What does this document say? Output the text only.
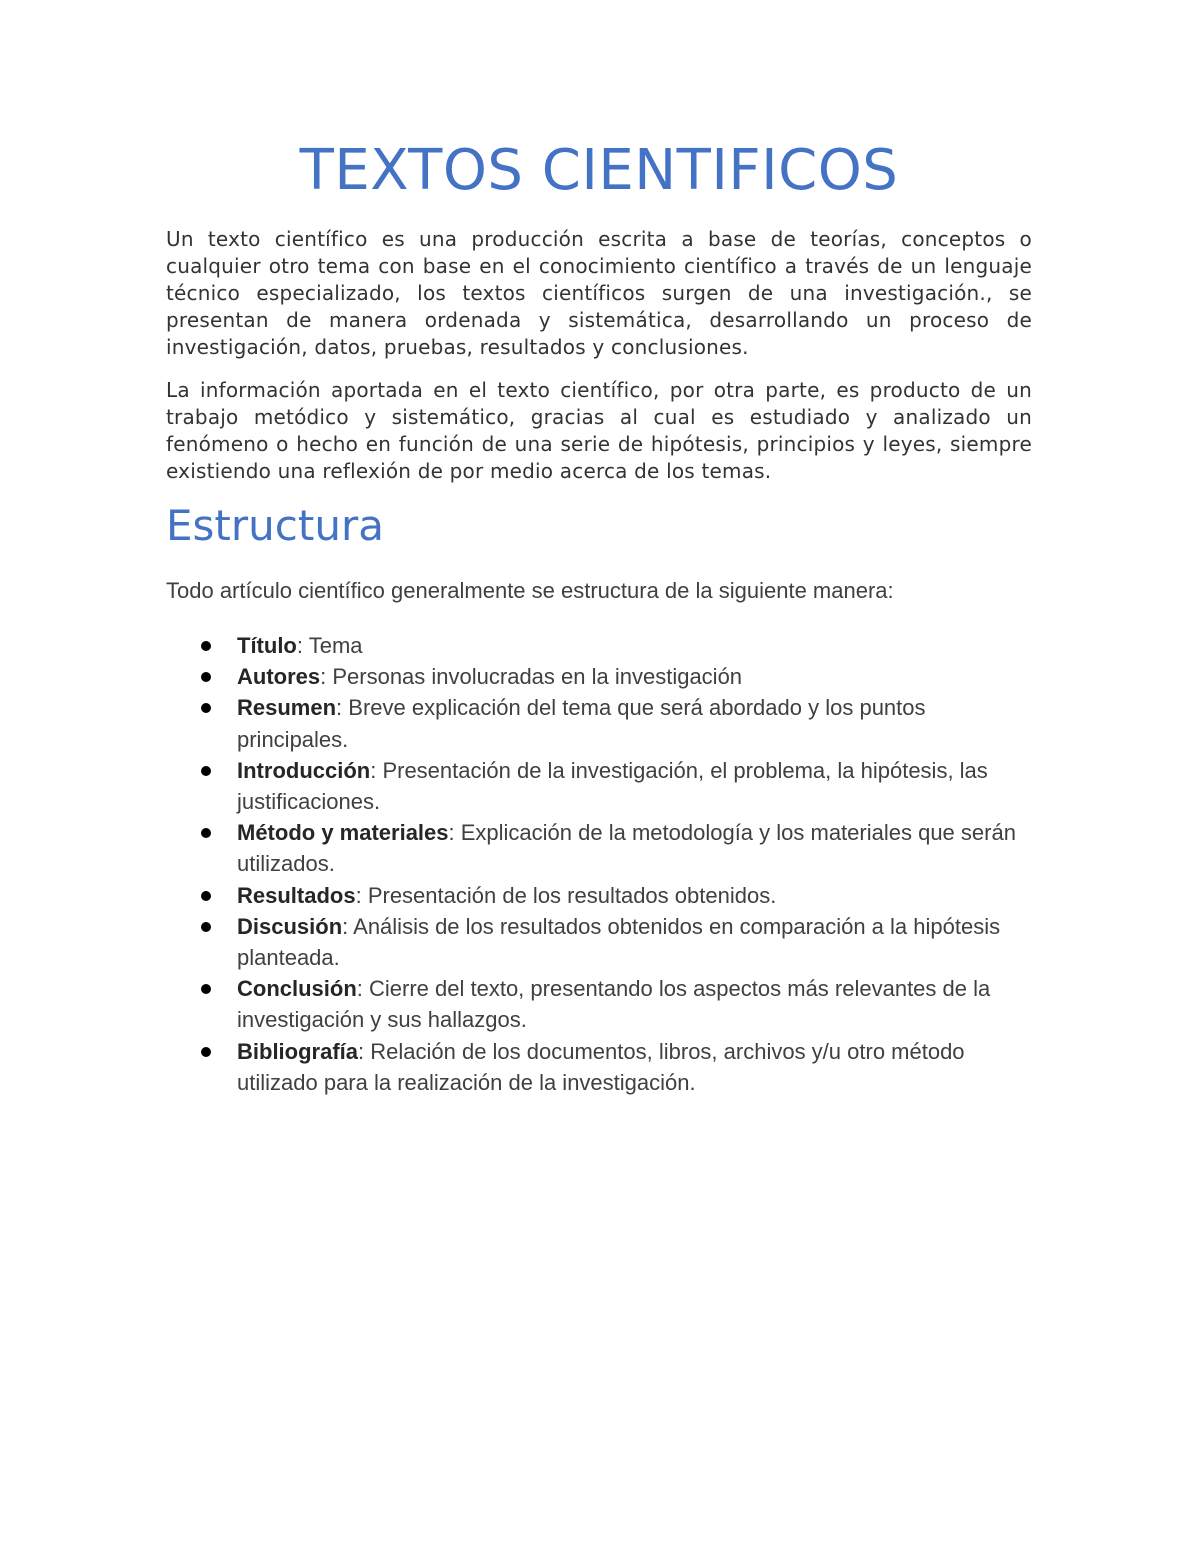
TEXTOS CIENTIFICOS

Un texto científico es una producción escrita a base de teorías, conceptos o cualquier otro tema con base en el conocimiento científico a través de un lenguaje técnico especializado, los textos científicos surgen de una investigación., se presentan de manera ordenada y sistemática, desarrollando un proceso de investigación, datos, pruebas, resultados y conclusiones.

La información aportada en el texto científico, por otra parte, es producto de un trabajo metódico y sistemático, gracias al cual es estudiado y analizado un fenómeno o hecho en función de una serie de hipótesis, principios y leyes, siempre existiendo una reflexión de por medio acerca de los temas.

Estructura

Todo artículo científico generalmente se estructura de la siguiente manera:

Título: Tema
Autores: Personas involucradas en la investigación
Resumen: Breve explicación del tema que será abordado y los puntos principales.
Introducción: Presentación de la investigación, el problema, la hipótesis, las justificaciones.
Método y materiales: Explicación de la metodología y los materiales que serán utilizados.
Resultados: Presentación de los resultados obtenidos.
Discusión: Análisis de los resultados obtenidos en comparación a la hipótesis planteada.
Conclusión: Cierre del texto, presentando los aspectos más relevantes de la investigación y sus hallazgos.
Bibliografía: Relación de los documentos, libros, archivos y/u otro método utilizado para la realización de la investigación.
